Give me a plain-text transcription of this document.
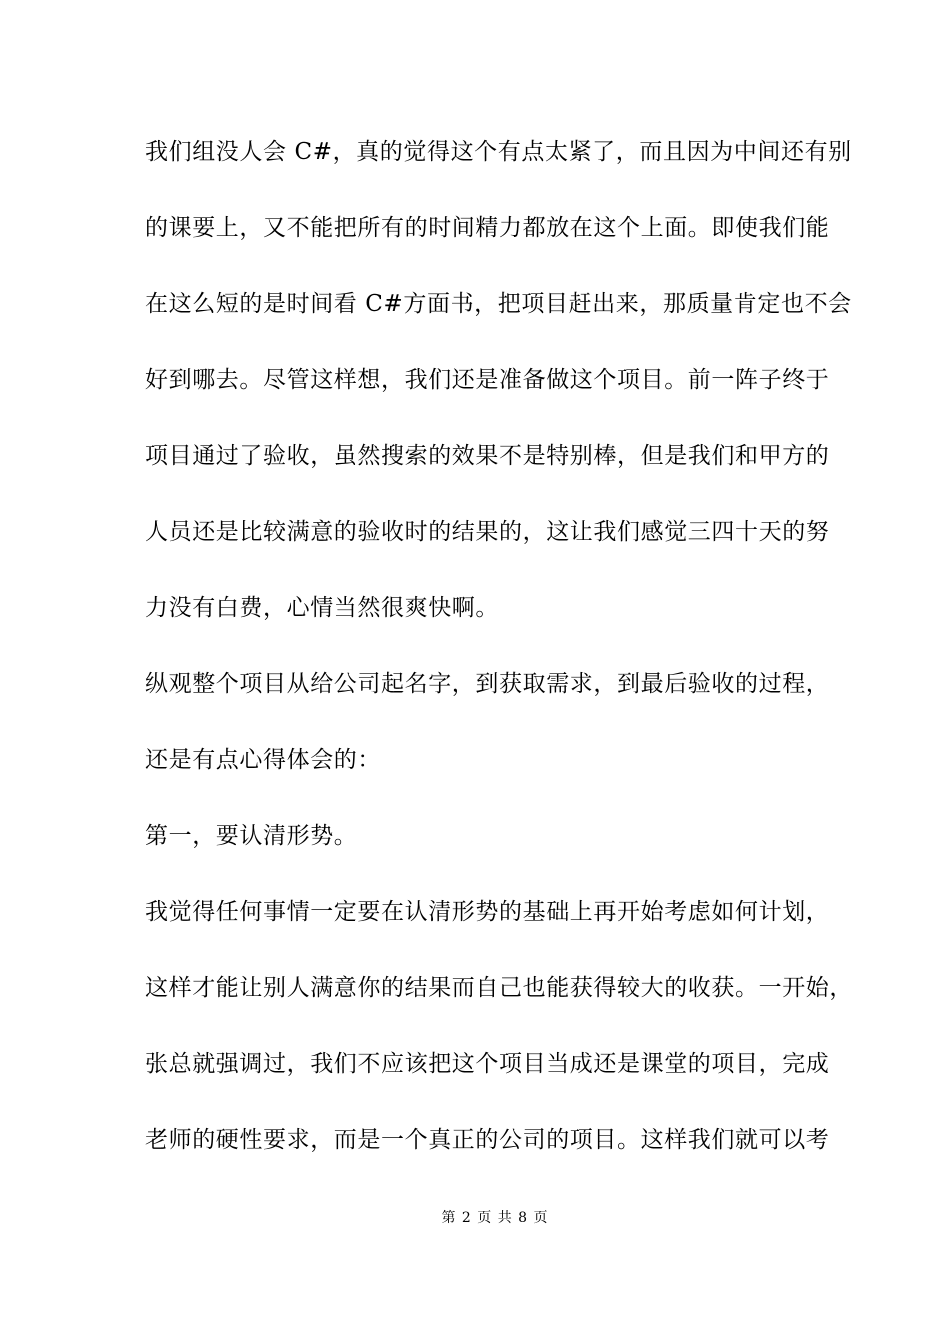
我们组没人会 C#，真的觉得这个有点太紧了，而且因为中间还有别
的课要上，又不能把所有的时间精力都放在这个上面。即使我们能
在这么短的是时间看 C#方面书，把项目赶出来，那质量肯定也不会
好到哪去。尽管这样想，我们还是准备做这个项目。前一阵子终于
项目通过了验收，虽然搜索的效果不是特别棒，但是我们和甲方的
人员还是比较满意的验收时的结果的，这让我们感觉三四十天的努
力没有白费，心情当然很爽快啊。
纵观整个项目从给公司起名字，到获取需求，到最后验收的过程，
还是有点心得体会的：
第一，要认清形势。
我觉得任何事情一定要在认清形势的基础上再开始考虑如何计划，
这样才能让别人满意你的结果而自己也能获得较大的收获。一开始，
张总就强调过，我们不应该把这个项目当成还是课堂的项目，完成
老师的硬性要求，而是一个真正的公司的项目。这样我们就可以考
第 2 页 共 8 页
